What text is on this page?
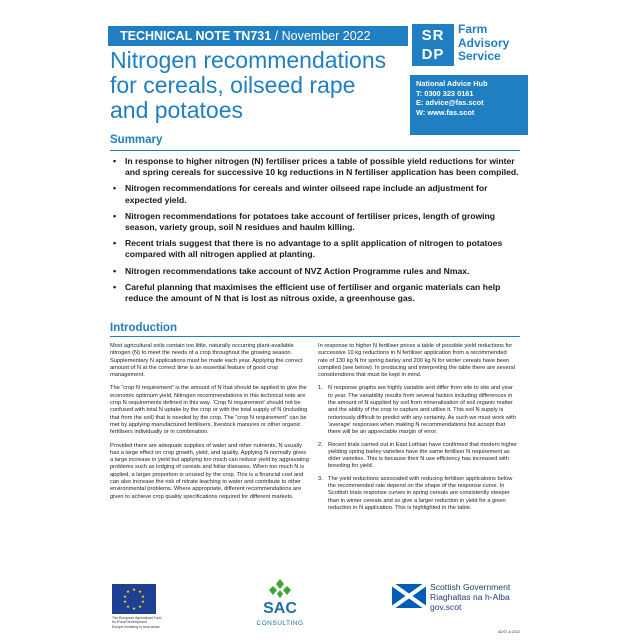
TECHNICAL NOTE TN731 / November 2022
Nitrogen recommendations
for cereals, oilseed rape
and potatoes
SR
DP
Farm
Advisory
Service
National Advice Hub
T: 0300 323 0161
E: advice@fas.scot
W: www.fas.scot
Summary
• In response to higher nitrogen (N) fertiliser prices a table of possible yield reductions for winter and spring cereals for successive 10 kg reductions in N fertiliser application has been compiled.
• Nitrogen recommendations for cereals and winter oilseed rape include an adjustment for expected yield.
• Nitrogen recommendations for potatoes take account of fertiliser prices, length of growing season, variety group, soil N residues and haulm killing.
• Recent trials suggest that there is no advantage to a split application of nitrogen to potatoes compared with all nitrogen applied at planting.
• Nitrogen recommendations take account of NVZ Action Programme rules and Nmax.
• Careful planning that maximises the efficient use of fertiliser and organic materials can help reduce the amount of N that is lost as nitrous oxide, a greenhouse gas.
Introduction

Most agricultural soils contain too little, naturally occurring plant-available nitrogen (N) to meet the needs of a crop throughout the growing season. Supplementary N applications must be made each year. Applying the correct amount of N at the correct time is an essential feature of good crop management.

The “crop N requirement” is the amount of N that should be applied to give the economic optimum yield. Nitrogen recommendations in this technical note are crop N requirements defined in this way. ‘Crop N requirement’ should not be confused with total N uptake by the crop or with the total supply of N (including that from the soil) that is needed by the crop. The “crop N requirement” can be met by applying manufactured fertilisers, livestock manures or other organic fertilisers individually or in combination.

Provided there are adequate supplies of water and other nutrients, N usually has a large effect on crop growth, yield, and quality. Applying N normally gives a large increase in yield but applying too much can reduce yield by aggravating problems such as lodging of cereals and foliar diseases. When too much N is applied, a larger proportion is unused by the crop. This is a financial cost and can also increase the risk of nitrate leaching to water and contribute to other environmental problems. Where appropriate, different recommendations are given to achieve crop quality specifications required for different markets.

In response to higher N fertiliser prices a table of possible yield reductions for successive 10 kg reductions in N fertiliser application from a recommended rate of 130 kg N for spring barley and 200 kg N for winter cereals have been compiled (see below). In producing and interpreting the table there are several considerations that must be kept in mind.

1. N response graphs are highly variable and differ from site to site and year to year. The variability results from several factors including differences in the amount of N supplied by soil from mineralisation of soil organic matter and the ability of the crop to capture and utilise it. This soil N supply is notoriously difficult to predict with any certainty. As such we must work with ‘average’ responses when making N recommendations but accept that there will be an appreciable margin of error.
2. Recent trials carried out in East Lothian have confirmed that modern higher yielding spring barley varieties have the same fertiliser N requirement as older varieties. This is because their N use efficiency has increased with breeding for yield.
3. The yield reductions associated with reducing fertiliser applications below the recommended rate depend on the shape of the response curve. In Scottish trials response curves in spring cereals are consistently steeper than in winter cereals and so give a larger reduction in yield for a given reduction in N application. This is highlighted in the table.
★ ★
★
★
★
★
★
★
★
★
The European Agricultural Fund
for Rural Development
Europe investing in rural areas
SAC
CONSULTING
Scottish Government
Riaghaltas na h-Alba
gov.scot
ADST-A 2022
